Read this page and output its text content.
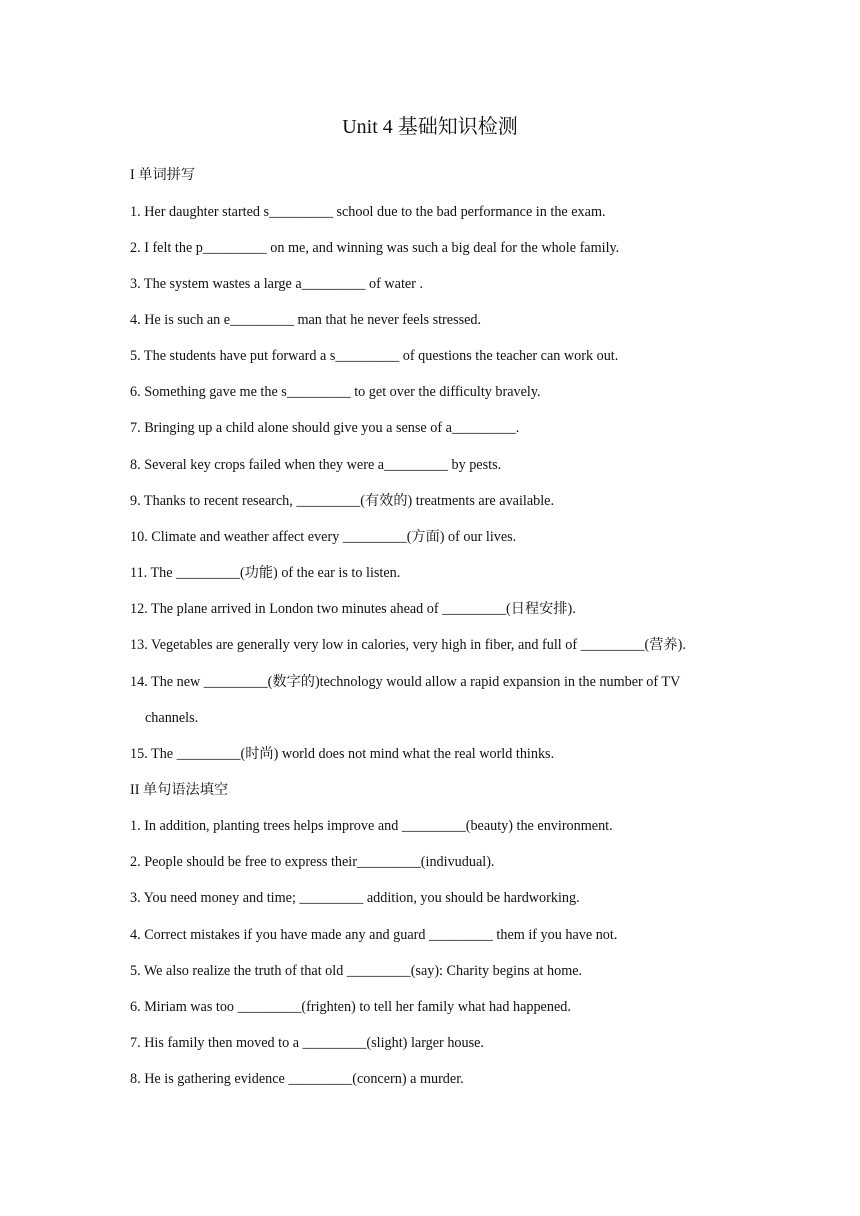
Unit 4 基础知识检测
I 单词拼写
1. Her daughter started s_________ school due to the bad performance in the exam.
2. I felt the p_________ on me, and winning was such a big deal for the whole family.
3. The system wastes a large a_________ of water .
4. He is such an e_________ man that he never feels stressed.
5. The students have put forward a s_________ of questions the teacher can work out.
6. Something gave me the s_________ to get over the difficulty bravely.
7. Bringing up a child alone should give you a sense of a_________.
8. Several key crops failed when they were a_________ by pests.
9. Thanks to recent research, _________(有效的) treatments are available.
10. Climate and weather affect every _________(方面) of our lives.
11. The _________(功能) of the ear is to listen.
12. The plane arrived in London two minutes ahead of _________(日程安排).
13. Vegetables are generally very low in calories, very high in fiber, and full of _________(营养).
14. The new _________(数字的)technology would allow a rapid expansion in the number of TV
channels.
15. The _________(时尚) world does not mind what the real world thinks.
II 单句语法填空
1. In addition, planting trees helps improve and _________(beauty) the environment.
2. People should be free to express their_________(indivudual).
3. You need money and time; _________ addition, you should be hardworking.
4. Correct mistakes if you have made any and guard _________ them if you have not.
5. We also realize the truth of that old _________(say): Charity begins at home.
6. Miriam was too _________(frighten) to tell her family what had happened.
7. His family then moved to a _________(slight) larger house.
8. He is gathering evidence _________(concern) a murder.
